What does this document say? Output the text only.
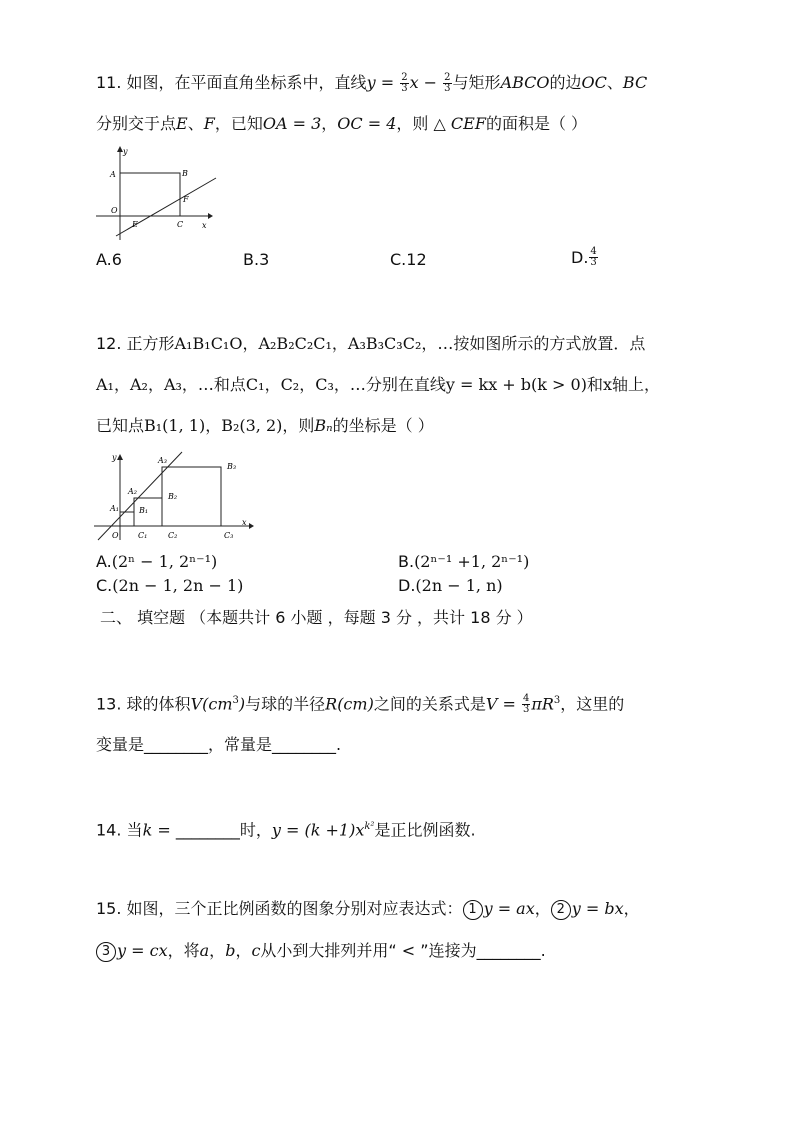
11. 如图，在平面直角坐标系中，直线$y = \frac{2}{3}$ $x - \frac{2}{3}$ 与矩形ABCO的边OC、BC
分别交于点E、F，已知OA = 3，OC = 4，则 △ CEF的面积是（ ）
y
A	B
F
O
E	C x
A.6	B.3	C.12	D. $\frac{4}{3}$
12. 正方形A₁B₁C₁O，A₂B₂C₂C₁，A₃B₃C₃C₂，…按如图所示的方式放置．点
A₁，A₂，A₃，…和点C₁，C₂，C₃，…分别在直线y = kx + b(k > 0)和x轴上，
已知点B₁(1, 1)，B₂(3, 2)，则Bₙ的坐标是（ ）
y	A₃
B₃
A₂
B₂
A₁	B₁
O C₁	C₂	C₃
x
A.(2ⁿ − 1, 2ⁿ⁻¹)	B.(2ⁿ⁻¹ +1, 2ⁿ⁻¹)
C.(2n − 1, 2n − 1)	D.(2n − 1, n)
二、 填空题 （本题共计 6 小题 ，每题 3 分 ，共计 18 分 ）
13. 球的体积$V(cm^3)$与球的半径R(cm)之间的关系式是$V = \frac{4}{3} \pi R^3$，这里的
变量是________，常量是________.
14. 当k = ________时，$y = (k +1)x^{k^2}$是正比例函数.
15. 如图，三个正比例函数的图象分别对应表达式： 1 y = ax， 2 y = bx，
3 y = cx，将a，b，c从小到大排列并用“ < ”连接为________.
